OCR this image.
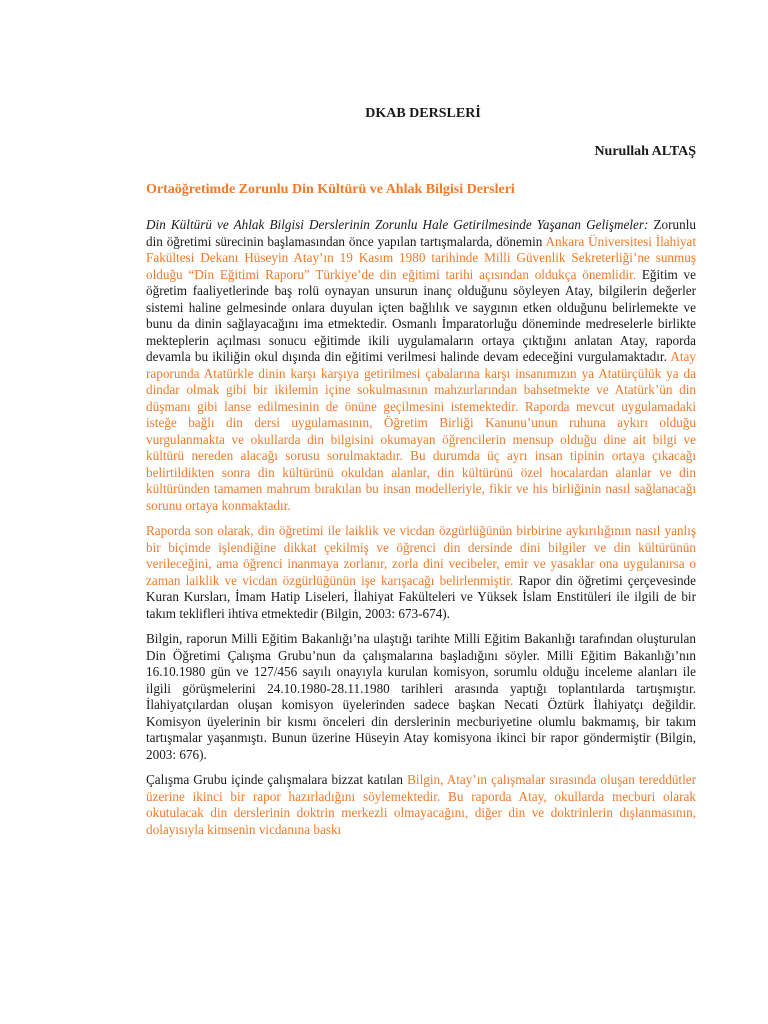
DKAB DERSLERİ
Nurullah ALTAŞ
Ortaöğretimde Zorunlu Din Kültürü ve Ahlak Bilgisi Dersleri

Din Kültürü ve Ahlak Bilgisi Derslerinin Zorunlu Hale Getirilmesinde Yaşanan Gelişmeler: Zorunlu din öğretimi sürecinin başlamasından önce yapılan tartışmalarda, dönemin Ankara Üniversitesi İlahiyat Fakültesi Dekanı Hüseyin Atay’ın 19 Kasım 1980 tarihinde Milli Güvenlik Sekreterliği’ne sunmuş olduğu “Din Eğitimi Raporu” Türkiye’de din eğitimi tarihi açısından oldukça önemlidir. Eğitim ve öğretim faaliyetlerinde baş rolü oynayan unsurun inanç olduğunu söyleyen Atay, bilgilerin değerler sistemi haline gelmesinde onlara duyulan içten bağlılık ve saygının etken olduğunu belirlemekte ve bunu da dinin sağlayacağını ima etmektedir. Osmanlı İmparatorluğu döneminde medreselerle birlikte mekteplerin açılması sonucu eğitimde ikili uygulamaların ortaya çıktığını anlatan Atay, raporda devamla bu ikiliğin okul dışında din eğitimi verilmesi halinde devam edeceğini vurgulamaktadır. Atay raporunda Atatürkle dinin karşı karşıya getirilmesi çabalarına karşı insanımızın ya Atatürçülük ya da dindar olmak gibi bir ikilemin içine sokulmasının mahzurlarından bahsetmekte ve Atatürk’ün din düşmanı gibi lanse edilmesinin de önüne geçilmesini istemektedir. Raporda mevcut uygulamadaki isteğe bağlı din dersi uygulamasının, Öğretim Birliği Kanunu’unun ruhuna aykırı olduğu vurgulanmakta ve okullarda din bilgisini okumayan öğrencilerin mensup olduğu dine ait bilgi ve kültürü nereden alacağı sorusu sorulmaktadır. Bu durumda üç ayrı insan tipinin ortaya çıkacağı belirtildikten sonra din kültürünü okuldan alanlar, din kültürünü özel hocalardan alanlar ve din kültüründen tamamen mahrum bırakılan bu insan modelleriyle, fikir ve his birliğinin nasıl sağlanacağı sorunu ortaya konmaktadır.

Raporda son olarak, din öğretimi ile laiklik ve vicdan özgürlüğünün birbirine aykırılığının nasıl yanlış bir biçimde işlendiğine dikkat çekilmiş ve öğrenci din dersinde dini bilgiler ve din kültürünün verileceğini, ama öğrenci inanmaya zorlanır, zorla dini vecibeler, emir ve yasaklar ona uygulanırsa o zaman laiklik ve vicdan özgürlüğünün işe karışacağı belirlenmiştir. Rapor din öğretimi çerçevesinde Kuran Kursları, İmam Hatip Liseleri, İlahiyat Fakülteleri ve Yüksek İslam Enstitüleri ile ilgili de bir takım teklifleri ihtiva etmektedir (Bilgin, 2003: 673-674).

Bilgin, raporun Milli Eğitim Bakanlığı’na ulaştığı tarihte Milli Eğitim Bakanlığı tarafından oluşturulan Din Öğretimi Çalışma Grubu’nun da çalışmalarına başladığını söyler. Milli Eğitim Bakanlığı’nın 16.10.1980 gün ve 127/456 sayılı onayıyla kurulan komisyon, sorumlu olduğu inceleme alanları ile ilgili görüşmelerini 24.10.1980-28.11.1980 tarihleri arasında yaptığı toplantılarda tartışmıştır. İlahiyatçılardan oluşan komisyon üyelerinden sadece başkan Necati Öztürk İlahiyatçı değildir. Komisyon üyelerinin bir kısmı önceleri din derslerinin mecburiyetine olumlu bakmamış, bir takım tartışmalar yaşanmıştı. Bunun üzerine Hüseyin Atay komisyona ikinci bir rapor göndermiştir (Bilgin, 2003: 676).

Çalışma Grubu içinde çalışmalara bizzat katılan Bilgin, Atay’ın çalışmalar sırasında oluşan tereddütler üzerine ikinci bir rapor hazırladığını söylemektedir. Bu raporda Atay, okullarda mecburi olarak okutulacak din derslerinin doktrin merkezli olmayacağını, diğer din ve doktrinlerin dışlanmasının, dolayısıyla kimsenin vicdanına baskı
